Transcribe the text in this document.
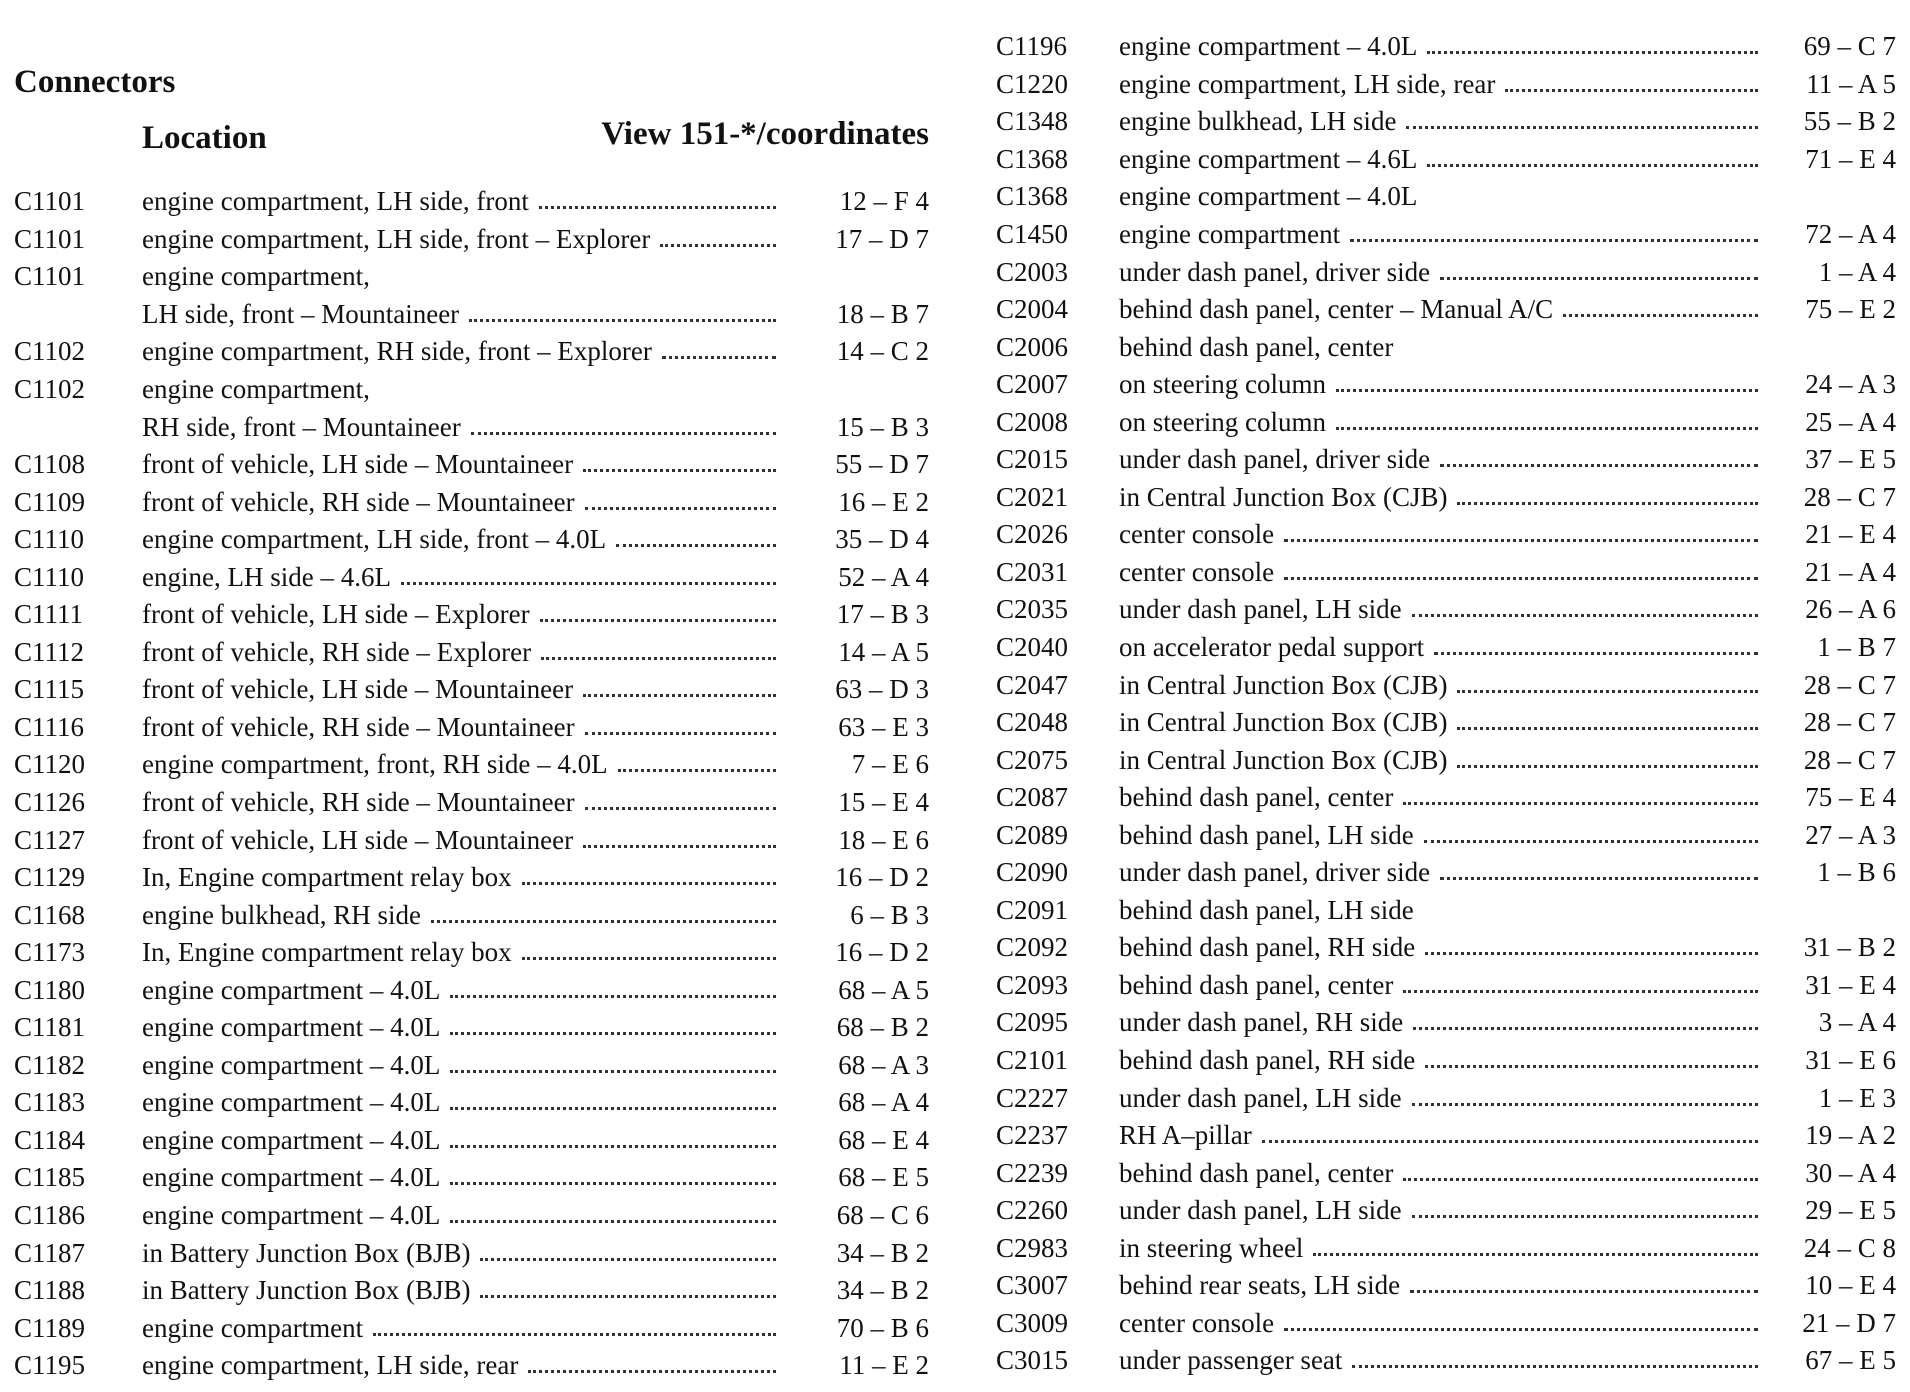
Connectors
Location	View 151-*/coordinates
C1101	engine compartment, LH side, front	12 – F 4
C1101	engine compartment, LH side, front – Explorer	17 – D 7
C1101	engine compartment,
LH side, front – Mountaineer	18 – B 7
C1102	engine compartment, RH side, front – Explorer	14 – C 2
C1102	engine compartment,
RH side, front – Mountaineer	15 – B 3
C1108	front of vehicle, LH side – Mountaineer	55 – D 7
C1109	front of vehicle, RH side – Mountaineer	16 – E 2
C1110	engine compartment, LH side, front – 4.0L	35 – D 4
C1110	engine, LH side – 4.6L	52 – A 4
C1111	front of vehicle, LH side – Explorer	17 – B 3
C1112	front of vehicle, RH side – Explorer	14 – A 5
C1115	front of vehicle, LH side – Mountaineer	63 – D 3
C1116	front of vehicle, RH side – Mountaineer	63 – E 3
C1120	engine compartment, front, RH side – 4.0L	7 – E 6
C1126	front of vehicle, RH side – Mountaineer	15 – E 4
C1127	front of vehicle, LH side – Mountaineer	18 – E 6
C1129	In, Engine compartment relay box	16 – D 2
C1168	engine bulkhead, RH side	6 – B 3
C1173	In, Engine compartment relay box	16 – D 2
C1180	engine compartment – 4.0L	68 – A 5
C1181	engine compartment – 4.0L	68 – B 2
C1182	engine compartment – 4.0L	68 – A 3
C1183	engine compartment – 4.0L	68 – A 4
C1184	engine compartment – 4.0L	68 – E 4
C1185	engine compartment – 4.0L	68 – E 5
C1186	engine compartment – 4.0L	68 – C 6
C1187	in Battery Junction Box (BJB)	34 – B 2
C1188	in Battery Junction Box (BJB)	34 – B 2
C1189	engine compartment	70 – B 6
C1195	engine compartment, LH side, rear	11 – E 2
C1196	engine compartment – 4.0L	69 – C 7
C1220	engine compartment, LH side, rear	11 – A 5
C1348	engine bulkhead, LH side	55 – B 2
C1368	engine compartment – 4.6L	71 – E 4
C1368	engine compartment – 4.0L
C1450	engine compartment	72 – A 4
C2003	under dash panel, driver side	1 – A 4
C2004	behind dash panel, center – Manual A/C	75 – E 2
C2006	behind dash panel, center
C2007	on steering column	24 – A 3
C2008	on steering column	25 – A 4
C2015	under dash panel, driver side	37 – E 5
C2021	in Central Junction Box (CJB)	28 – C 7
C2026	center console	21 – E 4
C2031	center console	21 – A 4
C2035	under dash panel, LH side	26 – A 6
C2040	on accelerator pedal support	1 – B 7
C2047	in Central Junction Box (CJB)	28 – C 7
C2048	in Central Junction Box (CJB)	28 – C 7
C2075	in Central Junction Box (CJB)	28 – C 7
C2087	behind dash panel, center	75 – E 4
C2089	behind dash panel, LH side	27 – A 3
C2090	under dash panel, driver side	1 – B 6
C2091	behind dash panel, LH side
C2092	behind dash panel, RH side	31 – B 2
C2093	behind dash panel, center	31 – E 4
C2095	under dash panel, RH side	3 – A 4
C2101	behind dash panel, RH side	31 – E 6
C2227	under dash panel, LH side	1 – E 3
C2237	RH A–pillar	19 – A 2
C2239	behind dash panel, center	30 – A 4
C2260	under dash panel, LH side	29 – E 5
C2983	in steering wheel	24 – C 8
C3007	behind rear seats, LH side	10 – E 4
C3009	center console	21 – D 7
C3015	under passenger seat	67 – E 5
